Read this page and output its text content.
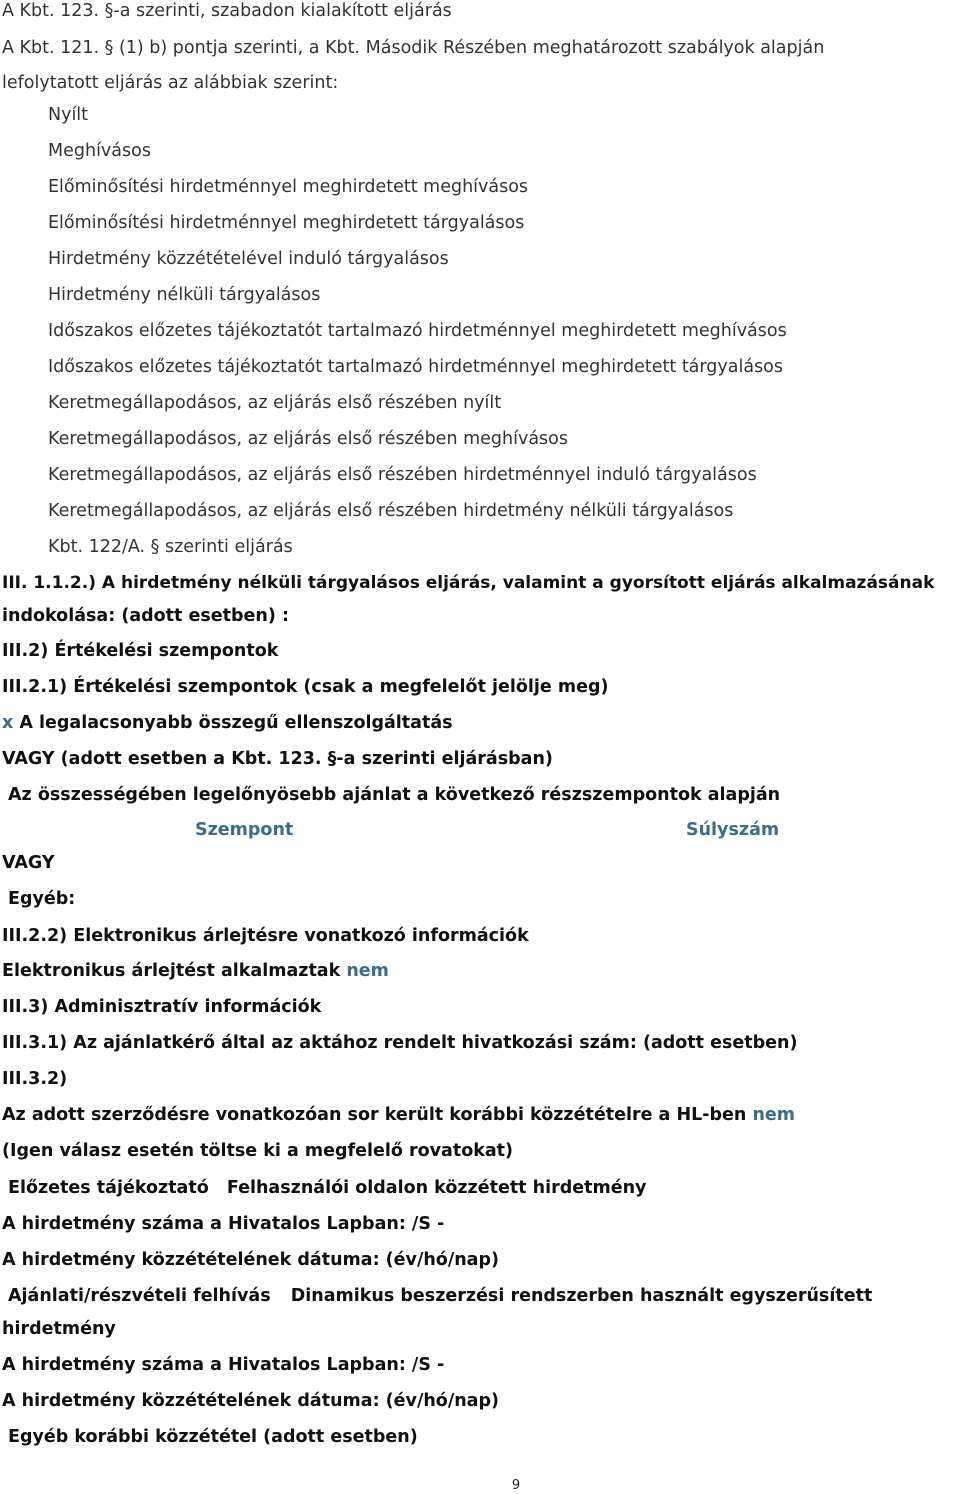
A Kbt. 123. §-a szerinti, szabadon kialakított eljárás
A Kbt. 121. § (1) b) pontja szerinti, a Kbt. Második Részében meghatározott szabályok alapján
lefolytatott eljárás az alábbiak szerint:
Nyílt
Meghívásos
Előminősítési hirdetménnyel meghirdetett meghívásos
Előminősítési hirdetménnyel meghirdetett tárgyalásos
Hirdetmény közzétételével induló tárgyalásos
Hirdetmény nélküli tárgyalásos
Időszakos előzetes tájékoztatót tartalmazó hirdetménnyel meghirdetett meghívásos
Időszakos előzetes tájékoztatót tartalmazó hirdetménnyel meghirdetett tárgyalásos
Keretmegállapodásos, az eljárás első részében nyílt
Keretmegállapodásos, az eljárás első részében meghívásos
Keretmegállapodásos, az eljárás első részében hirdetménnyel induló tárgyalásos
Keretmegállapodásos, az eljárás első részében hirdetmény nélküli tárgyalásos
Kbt. 122/A. § szerinti eljárás
III. 1.1.2.) A hirdetmény nélküli tárgyalásos eljárás, valamint a gyorsított eljárás alkalmazásának
indokolása: (adott esetben) :
III.2) Értékelési szempontok
III.2.1) Értékelési szempontok (csak a megfelelőt jelölje meg)
x A legalacsonyabb összegű ellenszolgáltatás
VAGY (adott esetben a Kbt. 123. §-a szerinti eljárásban)
Az összességében legelőnyösebb ajánlat a következő részszempontok alapján
Szempont	Súlyszám
VAGY
Egyéb:
III.2.2) Elektronikus árlejtésre vonatkozó információk
Elektronikus árlejtést alkalmaztak nem
III.3) Adminisztratív információk
III.3.1) Az ajánlatkérő által az aktához rendelt hivatkozási szám: (adott esetben)
III.3.2)
Az adott szerződésre vonatkozóan sor került korábbi közzétételre a HL-ben nem
(Igen válasz esetén töltse ki a megfelelő rovatokat)
Előzetes tájékoztató Felhasználói oldalon közzétett hirdetmény
A hirdetmény száma a Hivatalos Lapban: /S -
A hirdetmény közzétételének dátuma: (év/hó/nap)
Ajánlati/részvételi felhívás Dinamikus beszerzési rendszerben használt egyszerűsített
hirdetmény
A hirdetmény száma a Hivatalos Lapban: /S -
A hirdetmény közzétételének dátuma: (év/hó/nap)
Egyéb korábbi közzététel (adott esetben)
9
